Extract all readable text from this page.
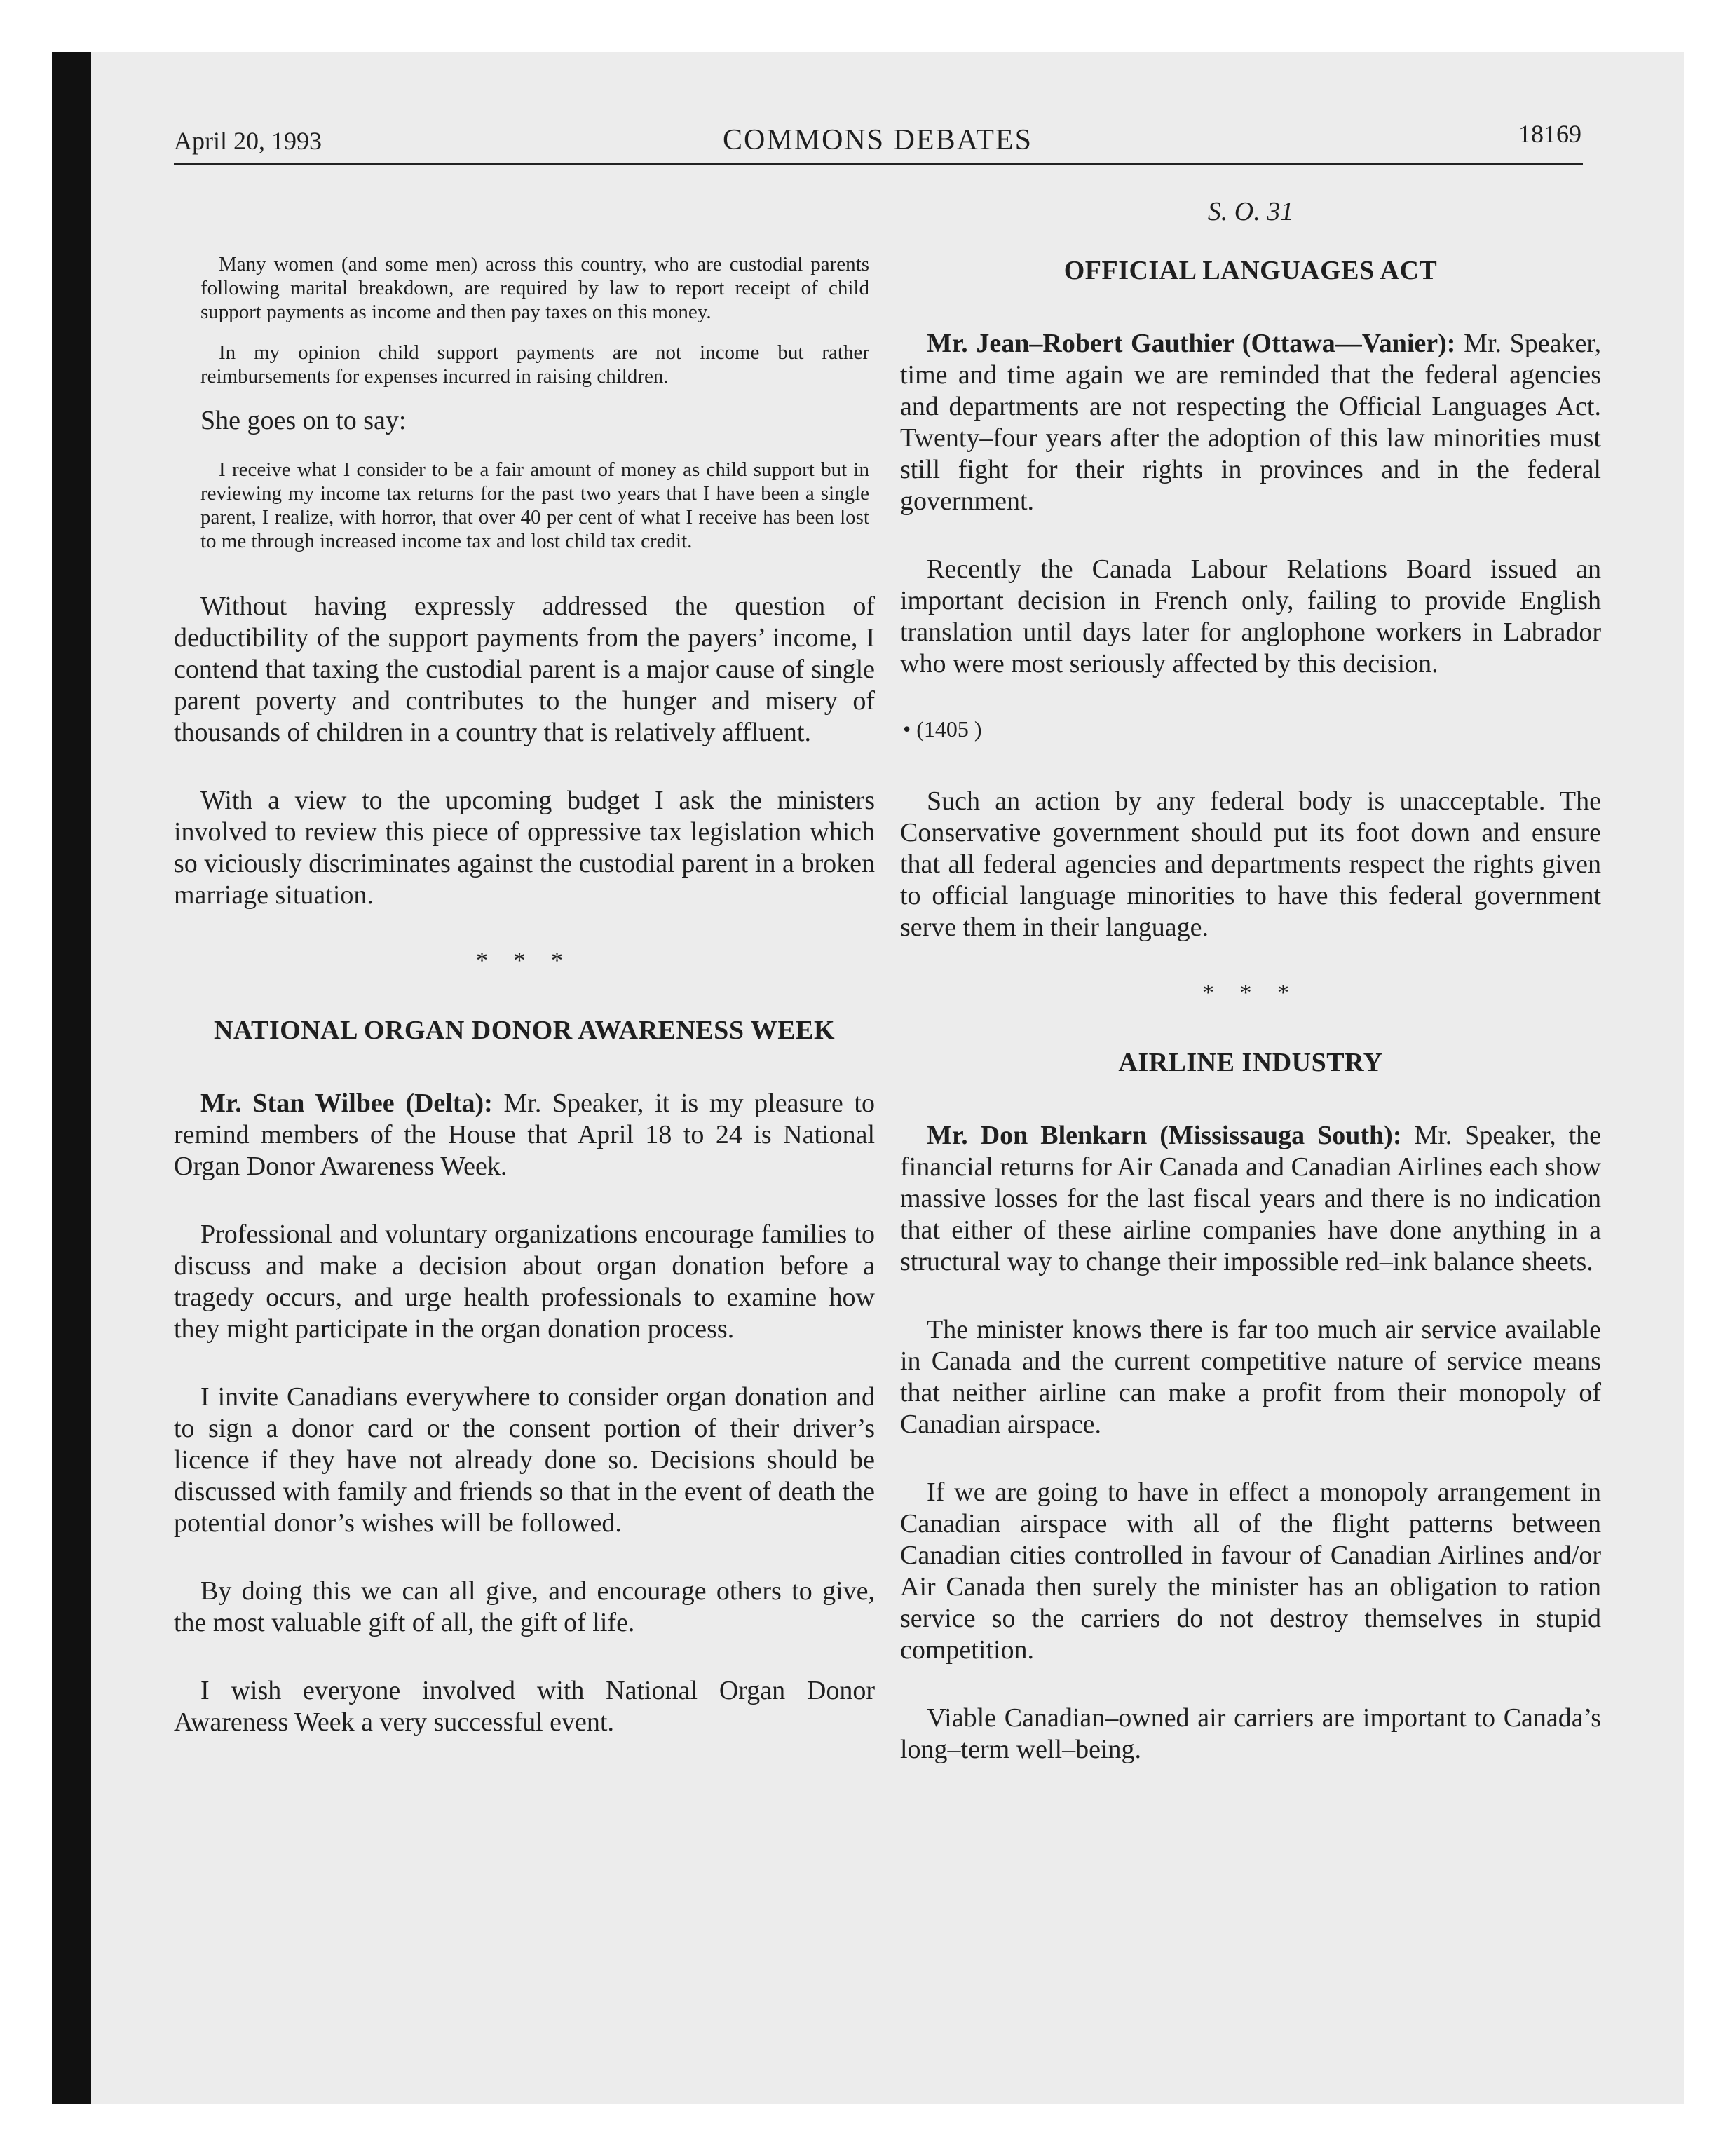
April 20, 1993	COMMONS DEBATES	18169

Many women (and some men) across this country, who are custodial parents following marital breakdown, are required by law to report receipt of child support payments as income and then pay taxes on this money.

In my opinion child support payments are not income but rather reimbursements for expenses incurred in raising children.

She goes on to say:

I receive what I consider to be a fair amount of money as child support but in reviewing my income tax returns for the past two years that I have been a single parent, I realize, with horror, that over 40 per cent of what I receive has been lost to me through increased income tax and lost child tax credit.

Without having expressly addressed the question of deductibility of the support payments from the payers’ income, I contend that taxing the custodial parent is a major cause of single parent poverty and contributes to the hunger and misery of thousands of children in a country that is relatively affluent.

With a view to the upcoming budget I ask the ministers involved to review this piece of oppressive tax legislation which so viciously discriminates against the custodial parent in a broken marriage situation.

* * *
NATIONAL ORGAN DONOR AWARENESS WEEK

Mr. Stan Wilbee (Delta): Mr. Speaker, it is my pleasure to remind members of the House that April 18 to 24 is National Organ Donor Awareness Week.

Professional and voluntary organizations encourage families to discuss and make a decision about organ donation before a tragedy occurs, and urge health professionals to examine how they might participate in the organ donation process.

I invite Canadians everywhere to consider organ donation and to sign a donor card or the consent portion of their driver’s licence if they have not already done so. Decisions should be discussed with family and friends so that in the event of death the potential donor’s wishes will be followed.

By doing this we can all give, and encourage others to give, the most valuable gift of all, the gift of life.

I wish everyone involved with National Organ Donor Awareness Week a very successful event.

S. O. 31
OFFICIAL LANGUAGES ACT

Mr. Jean–Robert Gauthier (Ottawa—Vanier): Mr. Speaker, time and time again we are reminded that the federal agencies and departments are not respecting the Official Languages Act. Twenty–four years after the adoption of this law minorities must still fight for their rights in provinces and in the federal government.

Recently the Canada Labour Relations Board issued an important decision in French only, failing to provide English translation until days later for anglophone workers in Labrador who were most seriously affected by this decision.

• (1405 )

Such an action by any federal body is unacceptable. The Conservative government should put its foot down and ensure that all federal agencies and departments respect the rights given to official language minorities to have this federal government serve them in their language.

* * *
AIRLINE INDUSTRY

Mr. Don Blenkarn (Mississauga South): Mr. Speaker, the financial returns for Air Canada and Canadian Airlines each show massive losses for the last fiscal years and there is no indication that either of these airline companies have done anything in a structural way to change their impossible red–ink balance sheets.

The minister knows there is far too much air service available in Canada and the current competitive nature of service means that neither airline can make a profit from their monopoly of Canadian airspace.

If we are going to have in effect a monopoly arrangement in Canadian airspace with all of the flight patterns between Canadian cities controlled in favour of Canadian Airlines and/or Air Canada then surely the minister has an obligation to ration service so the carriers do not destroy themselves in stupid competition.

Viable Canadian–owned air carriers are important to Canada’s long–term well–being.
